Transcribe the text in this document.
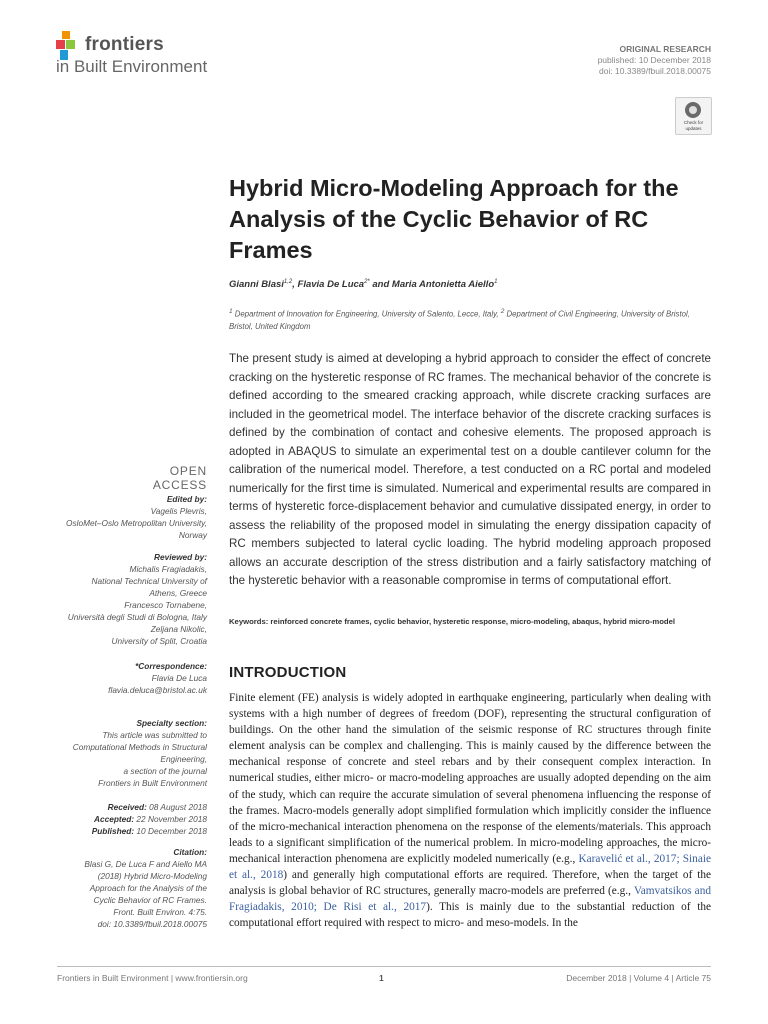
frontiers
in Built Environment
ORIGINAL RESEARCH
published: 10 December 2018
doi: 10.3389/fbuil.2018.00075
Check for
updates
Hybrid Micro-Modeling Approach for the Analysis of the Cyclic Behavior of RC Frames
Gianni Blasi$^{1,2}$, Flavia De Luca$^{2*}$ and Maria Antonietta Aiello$^1$
$^1$ Department of Innovation for Engineering, University of Salento, Lecce, Italy, $^2$ Department of Civil Engineering, University of Bristol, Bristol, United Kingdom
The present study is aimed at developing a hybrid approach to consider the effect of concrete cracking on the hysteretic response of RC frames. The mechanical behavior of the concrete is defined according to the smeared cracking approach, while discrete cracking surfaces are included in the geometrical model. The interface behavior of the discrete cracking surfaces is defined by the combination of contact and cohesive elements. The proposed approach is adopted in ABAQUS to simulate an experimental test on a double cantilever column for the calibration of the numerical model. Therefore, a test conducted on a RC portal and modeled numerically for the first time is simulated. Numerical and experimental results are compared in terms of hysteretic force-displacement behavior and cumulative dissipated energy, in order to assess the reliability of the proposed model in simulating the energy dissipation capacity of RC members subjected to lateral cyclic loading. The hybrid modeling approach proposed allows an accurate description of the stress distribution and a fairly satisfactory matching of the hysteretic behavior with a reasonable compromise in terms of computational effort.
Keywords: reinforced concrete frames, cyclic behavior, hysteretic response, micro-modeling, abaqus, hybrid micro-model
INTRODUCTION
Finite element (FE) analysis is widely adopted in earthquake engineering, particularly when dealing with systems with a high number of degrees of freedom (DOF), representing the structural configuration of buildings. On the other hand the simulation of the seismic response of RC structures through finite element analysis can be complex and challenging. This is mainly caused by the difference between the mechanical response of concrete and steel rebars and by their consequent complex interaction. In numerical studies, either micro- or macro-modeling approaches are usually adopted depending on the aim of the study, which can require the accurate simulation of several phenomena influencing the response of the frames. Macro-models generally adopt simplified formulation which implicitly consider the influence of the micro-mechanical interaction phenomena on the response of the elements/materials. This approach leads to a significant simplification of the numerical problem. In micro-modeling approaches, the micro-mechanical interaction phenomena are explicitly modeled numerically (e.g., Karavelić et al., 2017; Sinaie et al., 2018) and generally high computational efforts are required. Therefore, when the target of the analysis is global behavior of RC structures, generally macro-models are preferred (e.g., Vamvatsikos and Fragiadakis, 2010; De Risi et al., 2017). This is mainly due to the substantial reduction of the computational effort required with respect to micro- and meso-models. In the
OPEN ACCESS
Edited by:
Vagelis Plevris,
OsloMet–Oslo Metropolitan University,
Norway
Reviewed by:
Michalis Fragiadakis,
National Technical University of
Athens, Greece
Francesco Tornabene,
Università degli Studi di Bologna, Italy
Zeljana Nikolic,
University of Split, Croatia
*Correspondence:
Flavia De Luca
flavia.deluca@bristol.ac.uk
Specialty section:
This article was submitted to
Computational Methods in Structural
Engineering,
a section of the journal
Frontiers in Built Environment
Received: 08 August 2018
Accepted: 22 November 2018
Published: 10 December 2018
Citation:
Blasi G, De Luca F and Aiello MA
(2018) Hybrid Micro-Modeling
Approach for the Analysis of the
Cyclic Behavior of RC Frames.
Front. Built Environ. 4:75.
doi: 10.3389/fbuil.2018.00075
Frontiers in Built Environment | www.frontiersin.org	1	December 2018 | Volume 4 | Article 75
